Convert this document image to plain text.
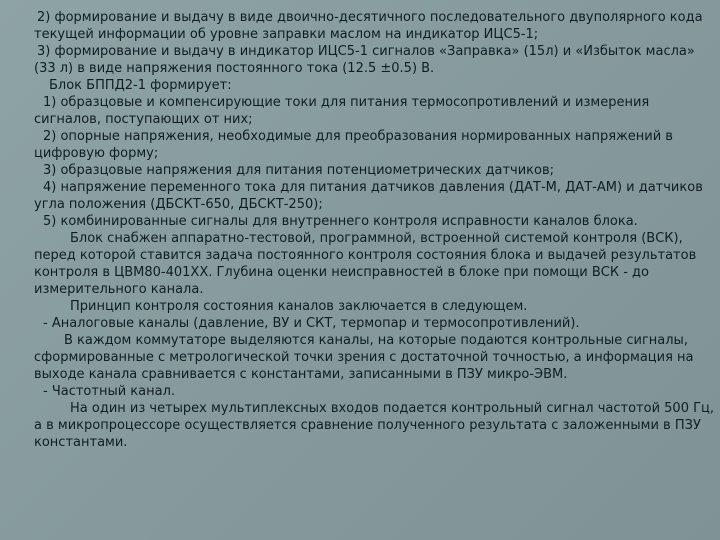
2) формирование и выдачу в виде двоично-десятичного последовательного двуполярного кода текущей информации об уровне заправки маслом на индикатор ИЦС5-1;

3) формирование и выдачу в индикатор ИЦС5-1 сигналов «Заправка» (15л) и «Избыток масла» (33 л) в виде напряжения постоянного тока (12.5 ±0.5) В.

Блок БППД2-1 формирует:

1) образцовые и компенсирующие токи для питания термосопротивлений и измерения сигналов, поступающих от них;

2) опорные напряжения, необходимые для преобразования нормированных напряжений в цифровую форму;

3) образцовые напряжения для питания потенциометрических датчиков;

4) напряжение переменного тока для питания датчиков давления (ДАТ-М, ДАТ-АМ) и датчиков угла положения (ДБСКТ-650, ДБСКТ-250);

5) комбинированные сигналы для внутреннего контроля исправности каналов блока.

Блок снабжен аппаратно-тестовой, программной, встроенной системой контроля (ВСК), перед которой ставится задача постоянного контроля состояния блока и выдачей результатов контроля в ЦВМ80-401ХХ. Глубина оценки неисправностей в блоке при помощи ВСК - до измерительного канала.

Принцип контроля состояния каналов заключается в следующем.

- Аналоговые каналы (давление, ВУ и СКТ, термопар и термосопротивлений).

В каждом коммутаторе выделяются каналы, на которые подаются контрольные сигналы, сформированные с метрологической точки зрения с достаточной точностью, а информация на выходе канала сравнивается с константами, записанными в ПЗУ микро-ЭВМ.

- Частотный канал.

На один из четырех мультиплексных входов подается контрольный сигнал частотой 500 Гц, а в микропроцессоре осуществляется сравнение полученного результата с заложенными в ПЗУ константами.
